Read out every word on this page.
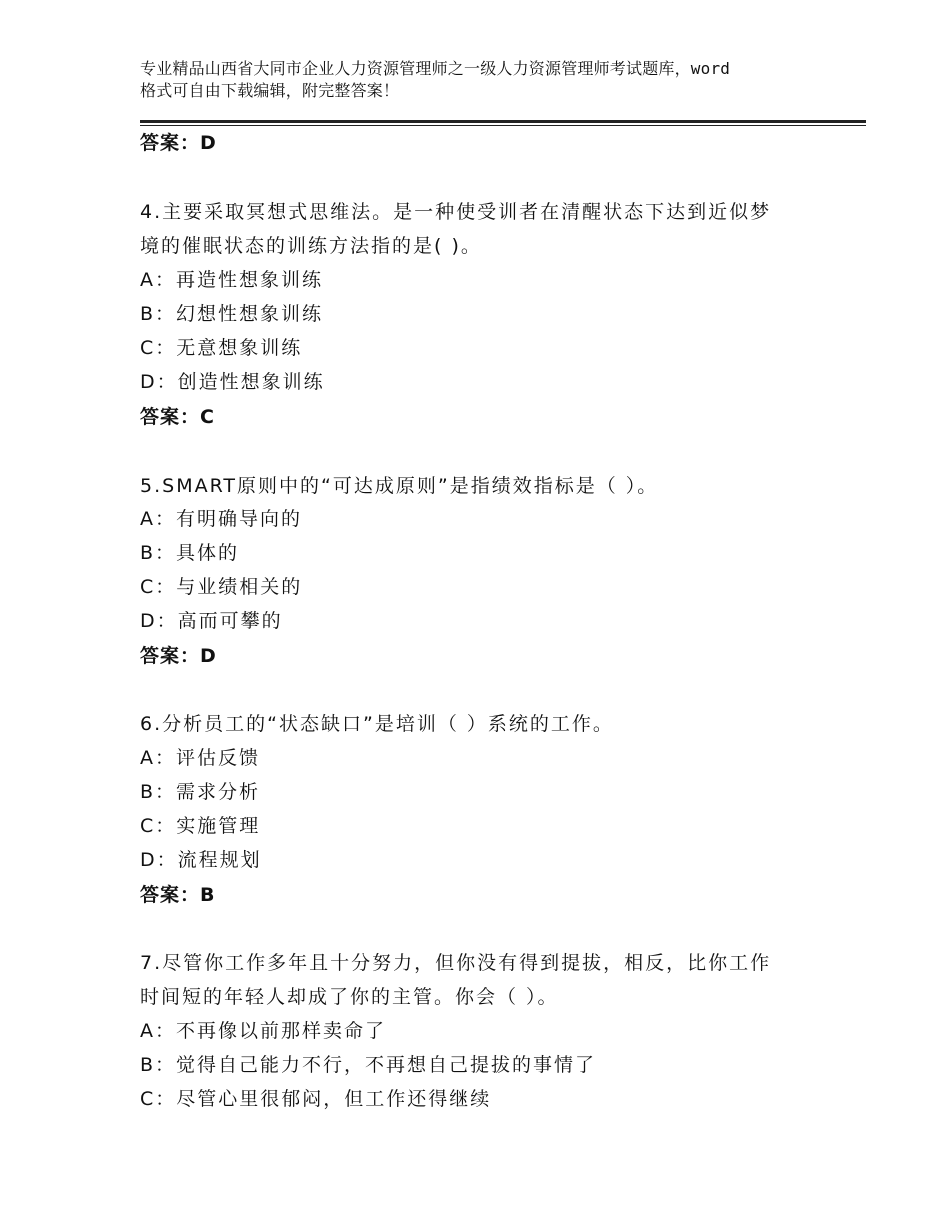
专业精品山西省大同市企业人力资源管理师之一级人力资源管理师考试题库，word
格式可自由下载编辑，附完整答案！
答案：D
4.主要采取冥想式思维法。是一种使受训者在清醒状态下达到近似梦
境的催眠状态的训练方法指的是( )。
A：再造性想象训练
B：幻想性想象训练
C：无意想象训练
D：创造性想象训练
答案：C
5.SMART原则中的“可达成原则”是指绩效指标是（ ）。
A：有明确导向的
B：具体的
C：与业绩相关的
D：高而可攀的
答案：D
6.分析员工的“状态缺口”是培训（ ）系统的工作。
A：评估反馈
B：需求分析
C：实施管理
D：流程规划
答案：B
7.尽管你工作多年且十分努力，但你没有得到提拔，相反，比你工作
时间短的年轻人却成了你的主管。你会（ ）。
A：不再像以前那样卖命了
B：觉得自己能力不行，不再想自己提拔的事情了
C：尽管心里很郁闷，但工作还得继续
